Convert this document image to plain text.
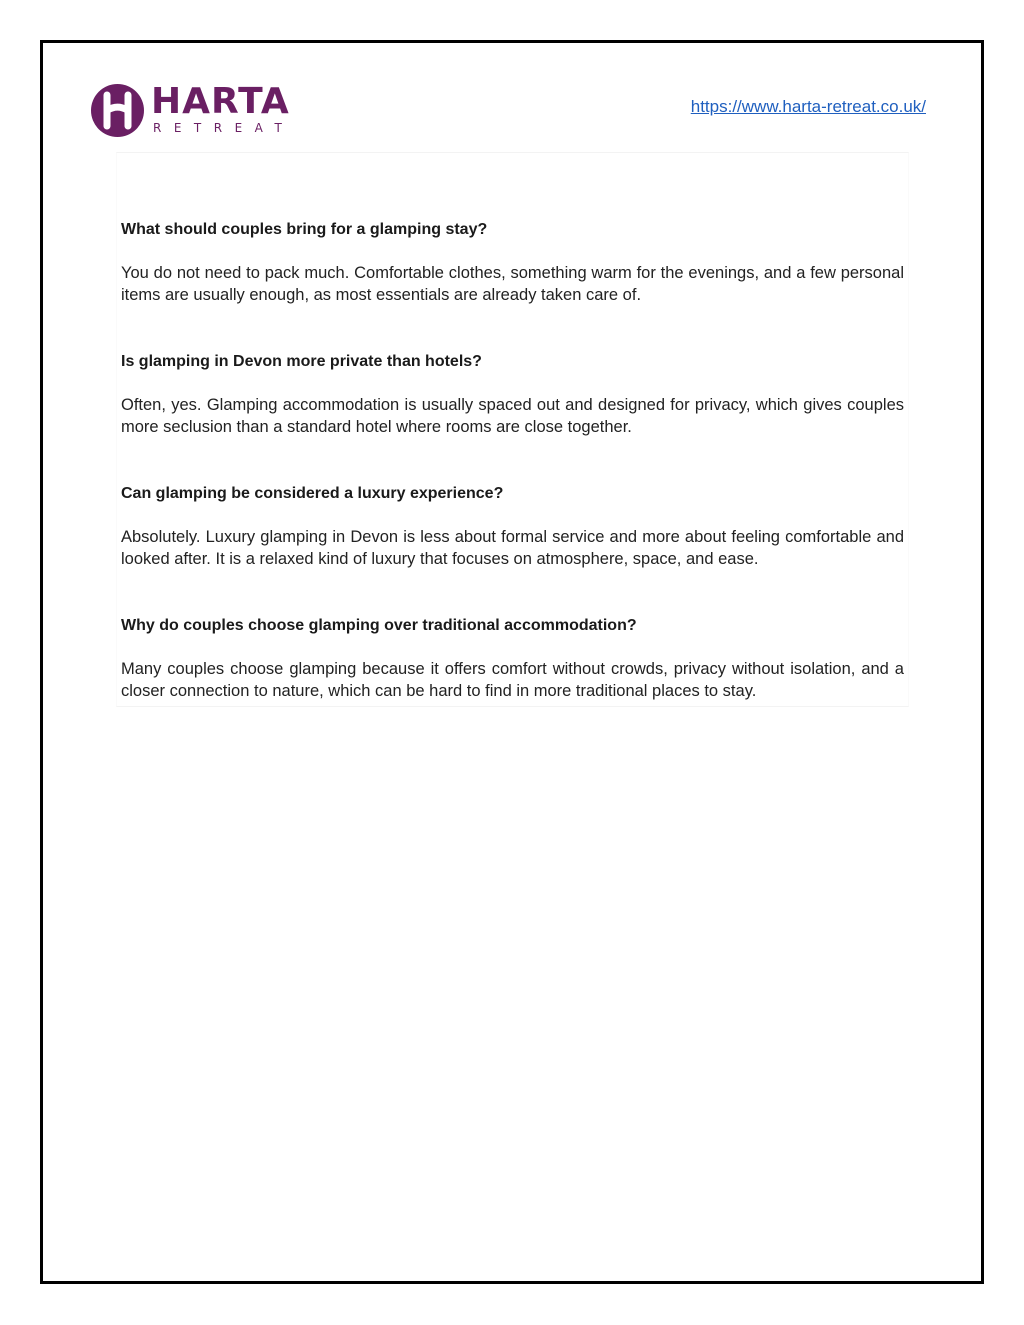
HARTA
RETREAT
https://www.harta-retreat.co.uk/

What should couples bring for a glamping stay?

You do not need to pack much. Comfortable clothes, something warm for the evenings, and a few personal items are usually enough, as most essentials are already taken care of.

Is glamping in Devon more private than hotels?

Often, yes. Glamping accommodation is usually spaced out and designed for privacy, which gives couples more seclusion than a standard hotel where rooms are close together.

Can glamping be considered a luxury experience?

Absolutely. Luxury glamping in Devon is less about formal service and more about feeling comfortable and looked after. It is a relaxed kind of luxury that focuses on atmosphere, space, and ease.

Why do couples choose glamping over traditional accommodation?

Many couples choose glamping because it offers comfort without crowds, privacy without isolation, and a closer connection to nature, which can be hard to find in more traditional places to stay.
